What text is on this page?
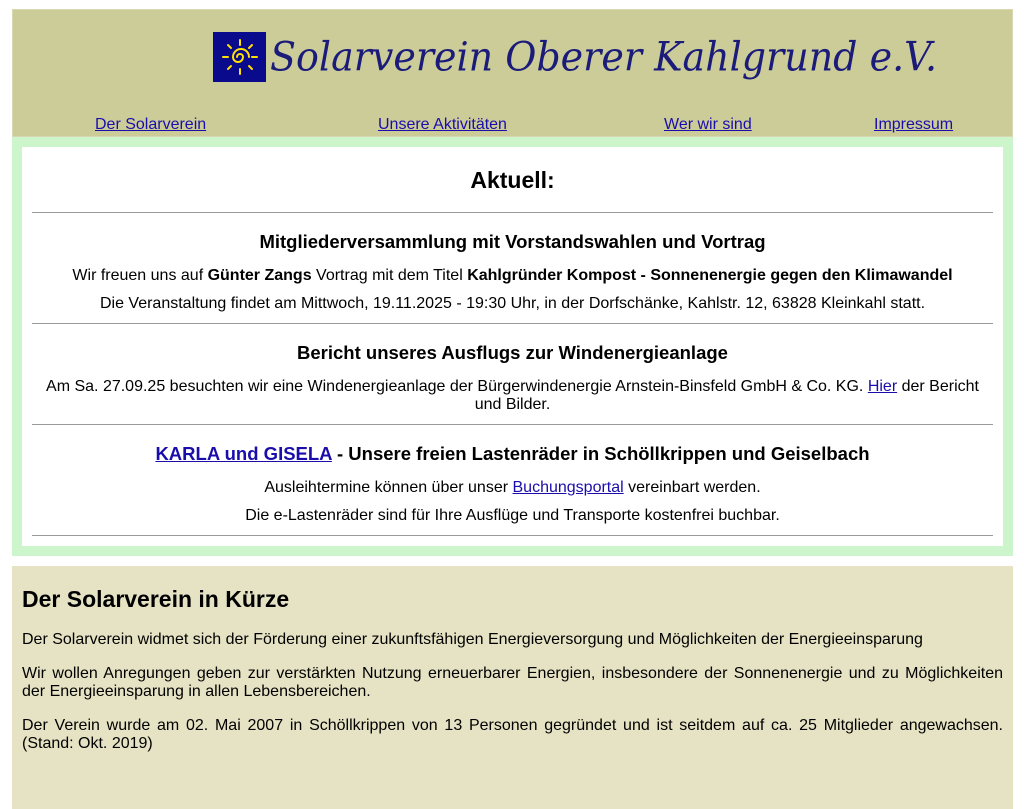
Solarverein Oberer Kahlgrund e.V.
Der Solarverein	Unsere Aktivitäten	Wer wir sind	Impressum
Aktuell:
Mitgliederversammlung mit Vorstandswahlen und Vortrag

Wir freuen uns auf Günter Zangs Vortrag mit dem Titel Kahlgründer Kompost - Sonnenenergie gegen den Klimawandel

Die Veranstaltung findet am Mittwoch, 19.11.2025 - 19:30 Uhr, in der Dorfschänke, Kahlstr. 12, 63828 Kleinkahl statt.

Bericht unseres Ausflugs zur Windenergieanlage

Am Sa. 27.09.25 besuchten wir eine Windenergieanlage der Bürgerwindenergie Arnstein-Binsfeld GmbH & Co. KG. Hier der Bericht und Bilder.

KARLA und GISELA - Unsere freien Lastenräder in Schöllkrippen und Geiselbach

Ausleihtermine können über unser Buchungsportal vereinbart werden.

Die e-Lastenräder sind für Ihre Ausflüge und Transporte kostenfrei buchbar.

Der Solarverein in Kürze

Der Solarverein widmet sich der Förderung einer zukunftsfähigen Energieversorgung und Möglichkeiten der Energieeinsparung

Wir wollen Anregungen geben zur verstärkten Nutzung erneuerbarer Energien, insbesondere der Sonnenenergie und zu Möglichkeiten der Energieeinsparung in allen Lebensbereichen.

Der Verein wurde am 02. Mai 2007 in Schöllkrippen von 13 Personen gegründet und ist seitdem auf ca. 25 Mitglieder angewachsen. (Stand: Okt. 2019)
